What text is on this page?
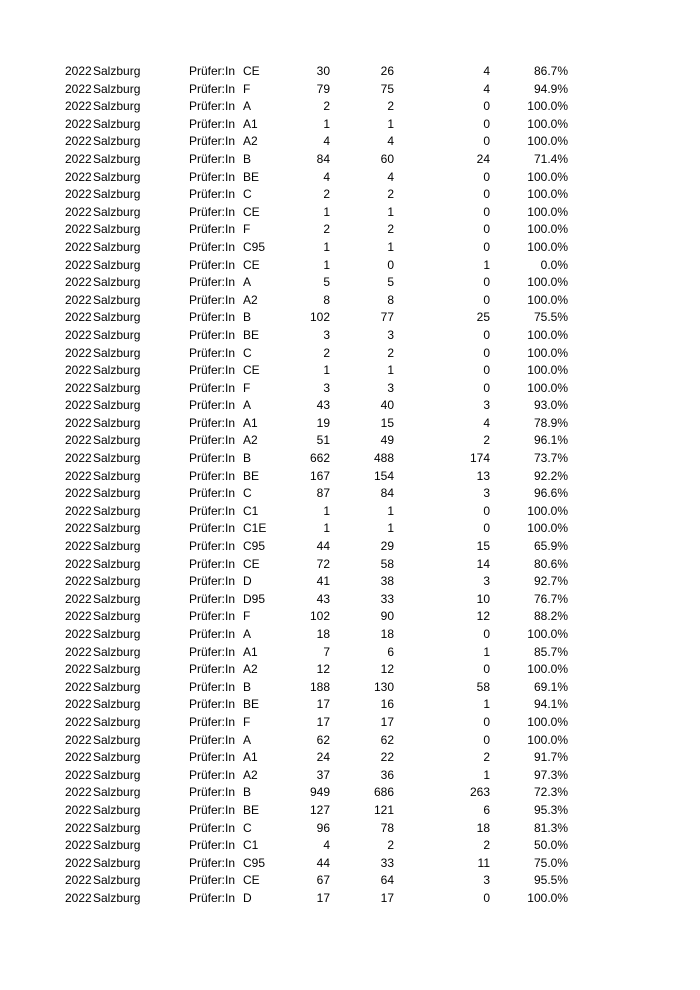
2022 Salzburg	Prüfer:In CE	30	26	4	86.7%
2022 Salzburg	Prüfer:In F	79	75	4	94.9%
2022 Salzburg	Prüfer:In A	2	2	0	100.0%
2022 Salzburg	Prüfer:In A1	1	1	0	100.0%
2022 Salzburg	Prüfer:In A2	4	4	0	100.0%
2022 Salzburg	Prüfer:In B	84	60	24	71.4%
2022 Salzburg	Prüfer:In BE	4	4	0	100.0%
2022 Salzburg	Prüfer:In C	2	2	0	100.0%
2022 Salzburg	Prüfer:In CE	1	1	0	100.0%
2022 Salzburg	Prüfer:In F	2	2	0	100.0%
2022 Salzburg	Prüfer:In C95	1	1	0	100.0%
2022 Salzburg	Prüfer:In CE	1	0	1	0.0%
2022 Salzburg	Prüfer:In A	5	5	0	100.0%
2022 Salzburg	Prüfer:In A2	8	8	0	100.0%
2022 Salzburg	Prüfer:In B	102	77	25	75.5%
2022 Salzburg	Prüfer:In BE	3	3	0	100.0%
2022 Salzburg	Prüfer:In C	2	2	0	100.0%
2022 Salzburg	Prüfer:In CE	1	1	0	100.0%
2022 Salzburg	Prüfer:In F	3	3	0	100.0%
2022 Salzburg	Prüfer:In A	43	40	3	93.0%
2022 Salzburg	Prüfer:In A1	19	15	4	78.9%
2022 Salzburg	Prüfer:In A2	51	49	2	96.1%
2022 Salzburg	Prüfer:In B	662	488	174	73.7%
2022 Salzburg	Prüfer:In BE	167	154	13	92.2%
2022 Salzburg	Prüfer:In C	87	84	3	96.6%
2022 Salzburg	Prüfer:In C1	1	1	0	100.0%
2022 Salzburg	Prüfer:In C1E	1	1	0	100.0%
2022 Salzburg	Prüfer:In C95	44	29	15	65.9%
2022 Salzburg	Prüfer:In CE	72	58	14	80.6%
2022 Salzburg	Prüfer:In D	41	38	3	92.7%
2022 Salzburg	Prüfer:In D95	43	33	10	76.7%
2022 Salzburg	Prüfer:In F	102	90	12	88.2%
2022 Salzburg	Prüfer:In A	18	18	0	100.0%
2022 Salzburg	Prüfer:In A1	7	6	1	85.7%
2022 Salzburg	Prüfer:In A2	12	12	0	100.0%
2022 Salzburg	Prüfer:In B	188	130	58	69.1%
2022 Salzburg	Prüfer:In BE	17	16	1	94.1%
2022 Salzburg	Prüfer:In F	17	17	0	100.0%
2022 Salzburg	Prüfer:In A	62	62	0	100.0%
2022 Salzburg	Prüfer:In A1	24	22	2	91.7%
2022 Salzburg	Prüfer:In A2	37	36	1	97.3%
2022 Salzburg	Prüfer:In B	949	686	263	72.3%
2022 Salzburg	Prüfer:In BE	127	121	6	95.3%
2022 Salzburg	Prüfer:In C	96	78	18	81.3%
2022 Salzburg	Prüfer:In C1	4	2	2	50.0%
2022 Salzburg	Prüfer:In C95	44	33	11	75.0%
2022 Salzburg	Prüfer:In CE	67	64	3	95.5%
2022 Salzburg	Prüfer:In D	17	17	0	100.0%
